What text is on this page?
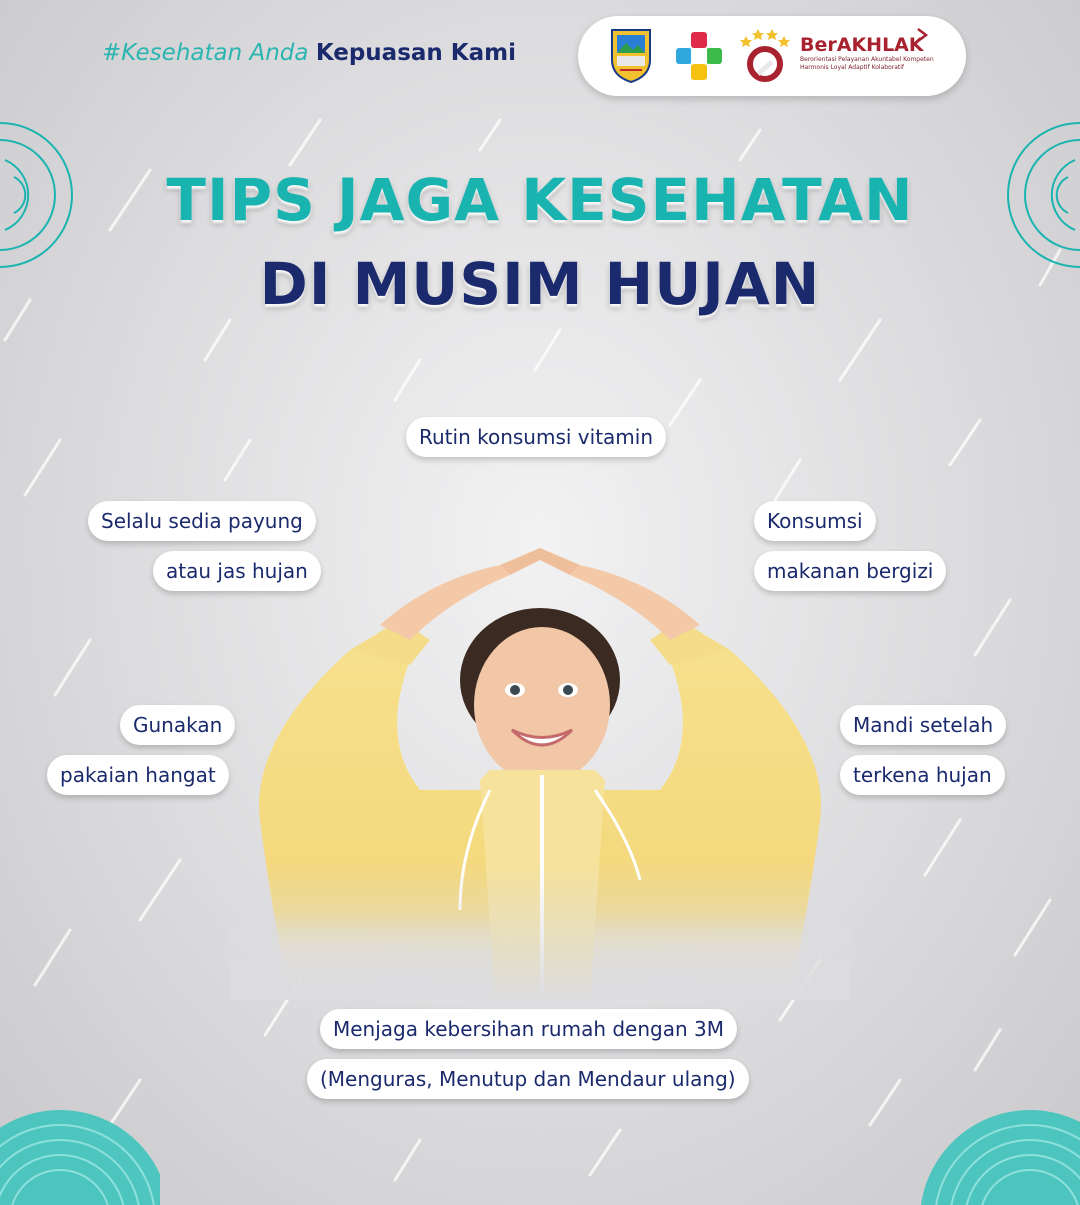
#Kesehatan Anda Kepuasan Kami	BerAKHLAK
Berorientasi Pelayanan Akuntabel Kompeten Harmonis Loyal Adaptif Kolaboratif
TIPS JAGA KESEHATAN
DI MUSIM HUJAN
Rutin konsumsi vitamin
Selalu sedia payung
atau jas hujan
Konsumsi
makanan bergizi
Gunakan
pakaian hangat
Mandi setelah
terkena hujan
Menjaga kebersihan rumah dengan 3M
(Menguras, Menutup dan Mendaur ulang)
